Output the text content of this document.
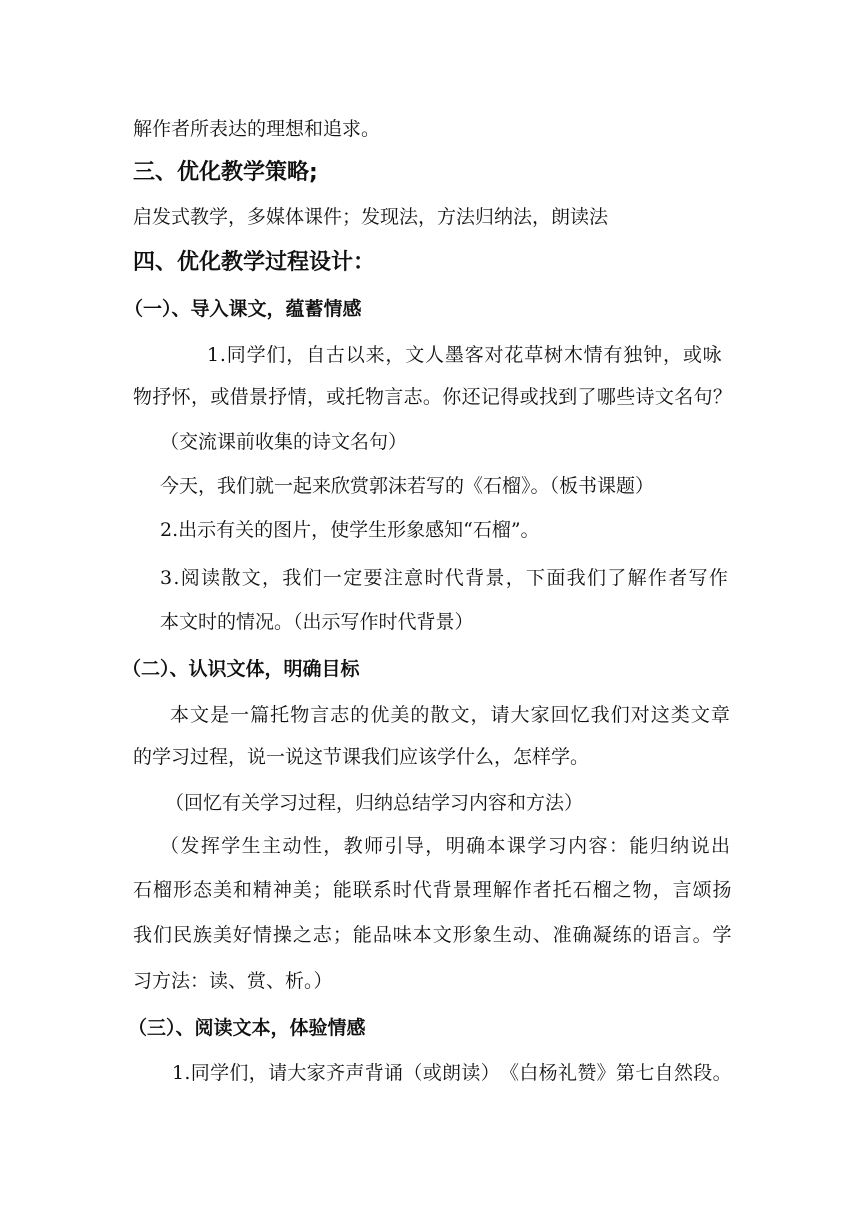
解作者所表达的理想和追求。
三、优化教学策略;
启发式教学，多媒体课件；发现法，方法归纳法，朗读法
四、优化教学过程设计：
（一）、导入课文，蕴蓄情感
1 . 同 学 们 ， 自 古 以 来 ， 文 人 墨 客 对 花 草 树 木 情 有 独 钟 ， 或 咏
物 抒 怀 ， 或 借 景 抒 情 ， 或 托 物 言 志 。 你 还 记 得 或 找 到 了 哪 些 诗 文 名 句 ？
（交流课前收集的诗文名句）
今天，我们就一起来欣赏郭沫若写的《石榴》。（板书课题）
2.出示有关的图片，使学生形象感知“石榴”。
3 . 阅 读 散 文 ， 我 们 一 定 要 注 意 时 代 背 景 ， 下 面 我 们 了 解 作 者 写 作
本文时的情况。（出示写作时代背景）
（二）、认识文体，明确目标
本 文 是 一 篇 托 物 言 志 的 优 美 的 散 文 ， 请 大 家 回 忆 我 们 对 这 类 文 章
的学习过程，说一说这节课我们应该学什么，怎样学。
（回忆有关学习过程，归纳总结学习内容和方法）
（ 发 挥 学 生 主 动 性 ， 教 师 引 导 ， 明 确 本 课 学 习 内 容 ： 能 归 纳 说 出
石 榴 形 态 美 和 精 神 美 ； 能 联 系 时 代 背 景 理 解 作 者 托 石 榴 之 物 ， 言 颂 扬
我 们 民 族 美 好 情 操 之 志 ； 能 品 味 本 文 形 象 生 动 、 准 确 凝 练 的 语 言 。 学
习方法：读、赏、析。）
（三）、阅读文本，体验情感
1 . 同 学 们 ， 请 大 家 齐 声 背 诵 （ 或 朗 读 ） 《 白 杨 礼 赞 》 第 七 自 然 段 。
